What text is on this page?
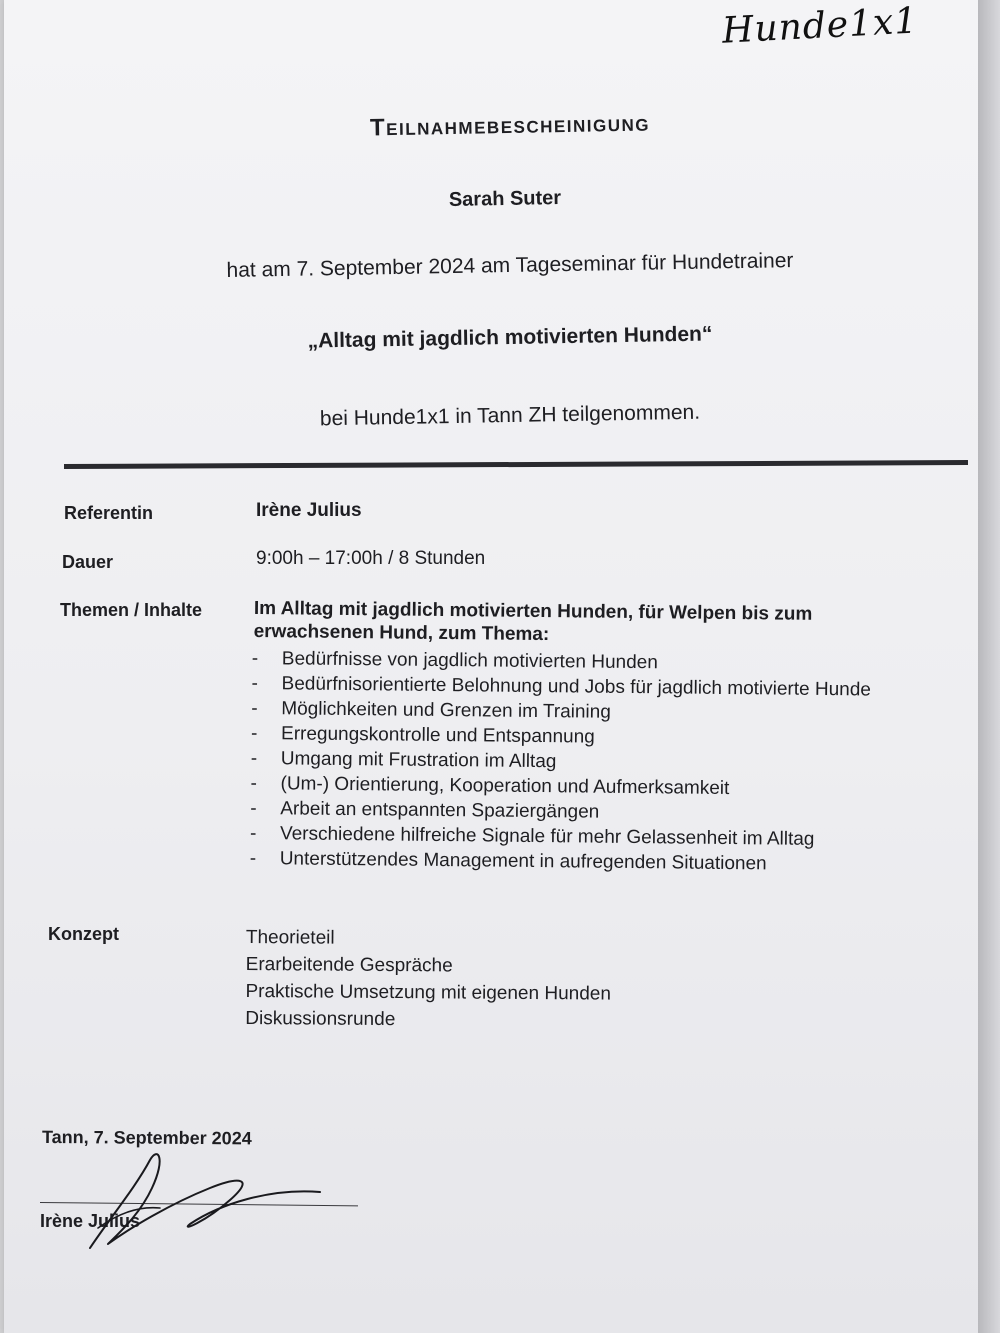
Hunde1x1
Teilnahmebescheinigung
Sarah Suter
hat am 7. September 2024 am Tageseminar für Hundetrainer
„Alltag mit jagdlich motivierten Hunden“
bei Hunde1x1 in Tann ZH teilgenommen.
Referentin	Irène Julius
Dauer	9:00h – 17:00h / 8 Stunden
Themen / Inhalte	Im Alltag mit jagdlich motivierten Hunden, für Welpen bis zum erwachsenen Hund, zum Thema:
- Bedürfnisse von jagdlich motivierten Hunden
- Bedürfnisorientierte Belohnung und Jobs für jagdlich motivierte Hunde
- Möglichkeiten und Grenzen im Training
- Erregungskontrolle und Entspannung
- Umgang mit Frustration im Alltag
- (Um-) Orientierung, Kooperation und Aufmerksamkeit
- Arbeit an entspannten Spaziergängen
- Verschiedene hilfreiche Signale für mehr Gelassenheit im Alltag
- Unterstützendes Management in aufregenden Situationen
Konzept	Theorieteil
Erarbeitende Gespräche
Praktische Umsetzung mit eigenen Hunden
Diskussionsrunde
Tann, 7. September 2024
Irène Julius
